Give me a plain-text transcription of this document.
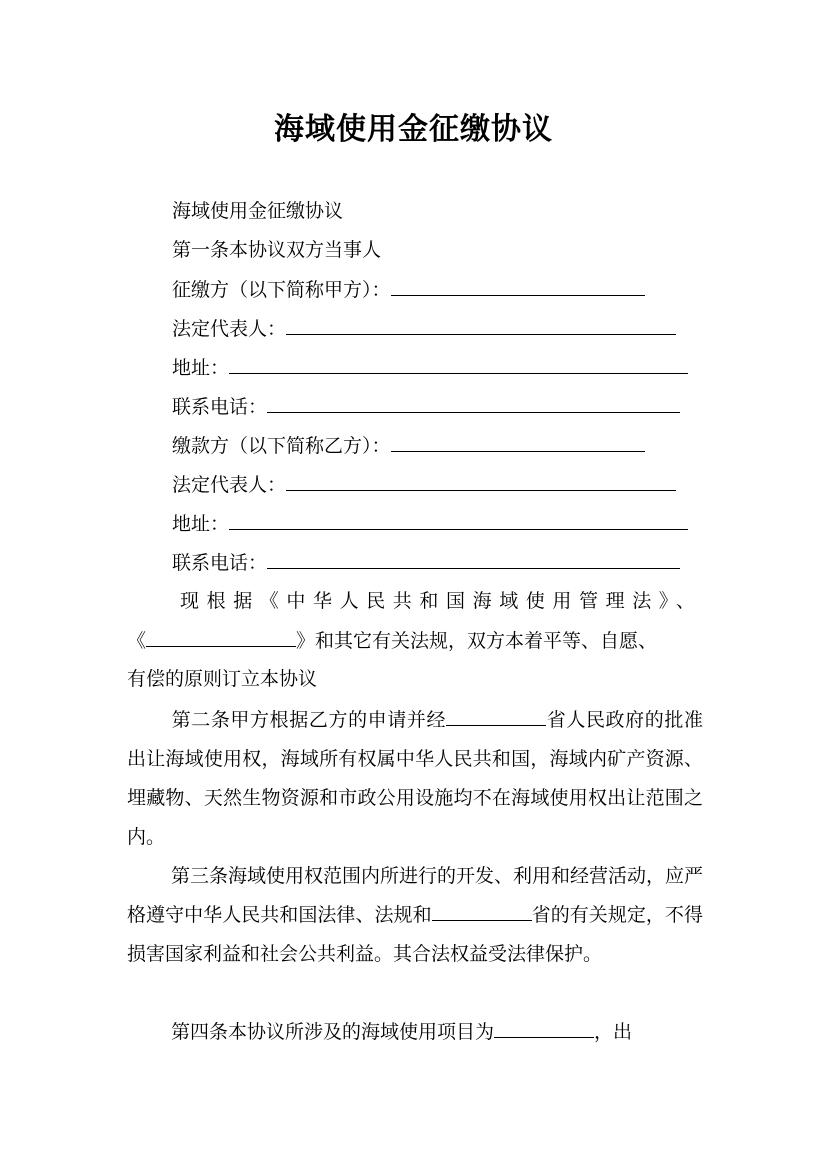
海域使用金征缴协议
海域使用金征缴协议
第一条本协议双方当事人
征缴方（以下简称甲方）：
法定代表人：
地址：
联系电话：
缴款方（以下简称乙方）：
法定代表人：
地址：
联系电话：
现根据《中华人民共和国海域使用管理法》、
《	》和其它有关法规，双方本着平等、自愿、
有偿的原则订立本协议

第二条甲方根据乙方的申请并经	省人民政府的批准出让海域使用权，海域所有权属中华人民共和国，海域内矿产资源、埋藏物、天然生物资源和市政公用设施均不在海域使用权出让范围之内。

第三条海域使用权范围内所进行的开发、利用和经营活动，应严格遵守中华人民共和国法律、法规和	省的有关规定，不得损害国家利益和社会公共利益。其合法权益受法律保护。

第四条本协议所涉及的海域使用项目为	，出
